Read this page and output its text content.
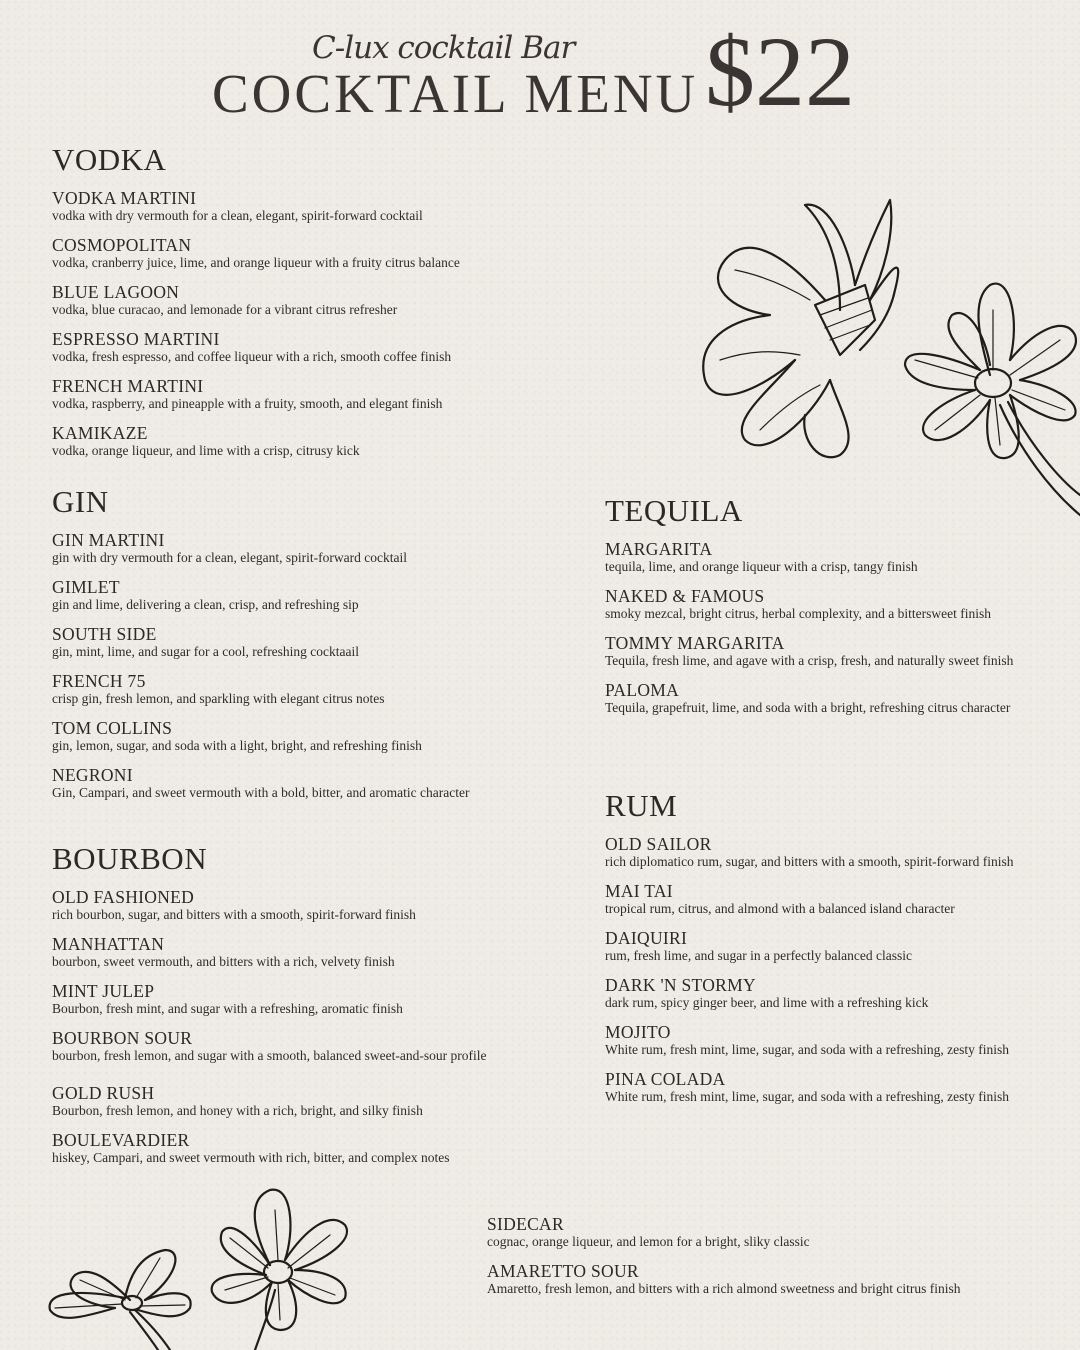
C-lux cocktail Bar
COCKTAIL MENU $22
VODKA
VODKA MARTINI
vodka with dry vermouth for a clean, elegant, spirit-forward cocktail
COSMOPOLITAN
vodka, cranberry juice, lime, and orange liqueur with a fruity citrus balance
BLUE LAGOON
vodka, blue curacao, and lemonade for a vibrant citrus refresher
ESPRESSO MARTINI
vodka, fresh espresso, and coffee liqueur with a rich, smooth coffee finish
FRENCH MARTINI
vodka, raspberry, and pineapple with a fruity, smooth, and elegant finish
KAMIKAZE
vodka, orange liqueur, and lime with a crisp, citrusy kick
GIN
GIN MARTINI
gin with dry vermouth for a clean, elegant, spirit-forward cocktail
GIMLET
gin and lime, delivering a clean, crisp, and refreshing sip
SOUTH SIDE
gin, mint, lime, and sugar for a cool, refreshing cocktaail
FRENCH 75
crisp gin, fresh lemon, and sparkling with elegant citrus notes
TOM COLLINS
gin, lemon, sugar, and soda with a light, bright, and refreshing finish
NEGRONI
Gin, Campari, and sweet vermouth with a bold, bitter, and aromatic character
BOURBON
OLD FASHIONED
rich bourbon, sugar, and bitters with a smooth, spirit-forward finish
MANHATTAN
bourbon, sweet vermouth, and bitters with a rich, velvety finish
MINT JULEP
Bourbon, fresh mint, and sugar with a refreshing, aromatic finish
BOURBON SOUR
bourbon, fresh lemon, and sugar with a smooth, balanced sweet-and-sour profile
GOLD RUSH
Bourbon, fresh lemon, and honey with a rich, bright, and silky finish
BOULEVARDIER
hiskey, Campari, and sweet vermouth with rich, bitter, and complex notes
TEQUILA
MARGARITA
tequila, lime, and orange liqueur with a crisp, tangy finish
NAKED & FAMOUS
smoky mezcal, bright citrus, herbal complexity, and a bittersweet finish
TOMMY MARGARITA
Tequila, fresh lime, and agave with a crisp, fresh, and naturally sweet finish
PALOMA
Tequila, grapefruit, lime, and soda with a bright, refreshing citrus character
RUM
OLD SAILOR
rich diplomatico rum, sugar, and bitters with a smooth, spirit-forward finish
MAI TAI
tropical rum, citrus, and almond with a balanced island character
DAIQUIRI
rum, fresh lime, and sugar in a perfectly balanced classic
DARK 'N STORMY
dark rum, spicy ginger beer, and lime with a refreshing kick
MOJITO
White rum, fresh mint, lime, sugar, and soda with a refreshing, zesty finish
PINA COLADA
White rum, fresh mint, lime, sugar, and soda with a refreshing, zesty finish
SIDECAR
cognac, orange liqueur, and lemon for a bright, sliky classic
AMARETTO SOUR
Amaretto, fresh lemon, and bitters with a rich almond sweetness and bright citrus finish
